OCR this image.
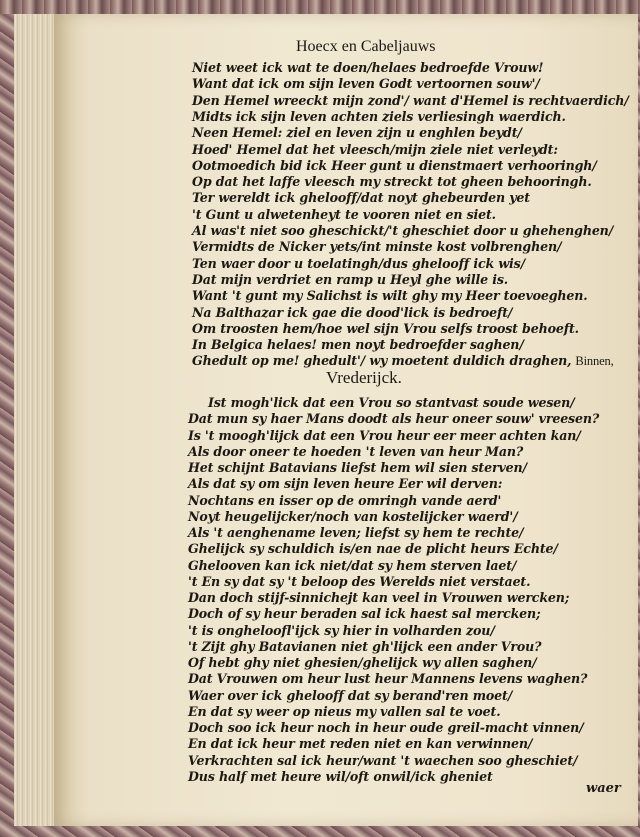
Hoecx en Cabeljauws
Niet weet ick wat te doen/helaes bedroefde Vrouw!
Want dat ick om sijn leven Godt vertoornen souw'/
Den Hemel wreeckt mijn zond'/ want d'Hemel is rechtvaerdich/
Midts ick sijn leven achten ziels verliesingh waerdich.
Neen Hemel: ziel en leven zijn u enghlen beydt/
Hoed' Hemel dat het vleesch/mijn ziele niet verleydt:
Ootmoedich bid ick Heer gunt u dienstmaert verhooringh/
Op dat het laffe vleesch my streckt tot gheen behooringh.
Ter wereldt ick ghelooff/dat noyt ghebeurden yet
't Gunt u alwetenheyt te vooren niet en siet.
Al was't niet soo gheschickt/'t gheschiet door u ghehenghen/
Vermidts de Nicker yets/int minste kost volbrenghen/
Ten waer door u toelatingh/dus ghelooff ick wis/
Dat mijn verdriet en ramp u Heyl ghe wille is.
Want 't gunt my Salichst is wilt ghy my Heer toevoeghen.
Na Balthazar ick gae die dood'lick is bedroeft/
Om troosten hem/hoe wel sijn Vrou selfs troost behoeft.
In Belgica helaes! men noyt bedroefder saghen/
Ghedult op me! ghedult'/ wy moetent duldich draghen, Binnen,
Vrederijck.
Ist mogh'lick dat een Vrou so stantvast soude wesen/
Dat mun sy haer Mans doodt als heur oneer souw' vreesen?
Is 't moogh'lijck dat een Vrou heur eer meer achten kan/
Als door oneer te hoeden 't leven van heur Man?
Het schijnt Batavians liefst hem wil sien sterven/
Als dat sy om sijn leven heure Eer wil derven:
Nochtans en isser op de omringh vande aerd'
Noyt heugelijcker/noch van kostelijcker waerd'/
Als 't aenghename leven; liefst sy hem te rechte/
Ghelijck sy schuldich is/en nae de plicht heurs Echte/
Ghelooven kan ick niet/dat sy hem sterven laet/
't En sy dat sy 't beloop des Werelds niet verstaet.
Dan doch stijf-sinnichejt kan veel in Vrouwen wercken;
Doch of sy heur beraden sal ick haest sal mercken;
't is ongheloofl'ijck sy hier in volharden zou/
't Zijt ghy Batavianen niet gh'lijck een ander Vrou?
Of hebt ghy niet ghesien/ghelijck wy allen saghen/
Dat Vrouwen om heur lust heur Mannens levens waghen?
Waer over ick ghelooff dat sy berand'ren moet/
En dat sy weer op nieus my vallen sal te voet.
Doch soo ick heur noch in heur oude greil-macht vinnen/
En dat ick heur met reden niet en kan verwinnen/
Verkrachten sal ick heur/want 't waechen soo gheschiet/
Dus half met heure wil/oft onwil/ick gheniet
waer
